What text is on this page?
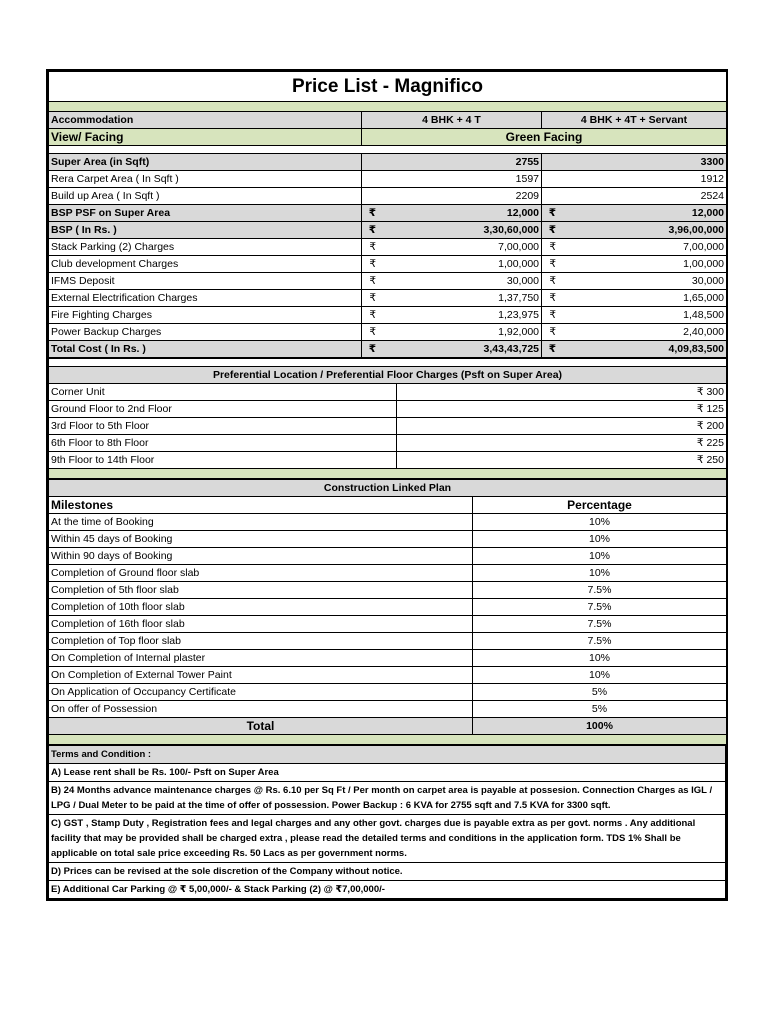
Price List - Magnifico		

Accommodation	4 BHK + 4 T	4 BHK + 4T + Servant
View/ Facing	Green Facing	

Super Area (in Sqft)	2755	3300
Rera Carpet Area ( In Sqft )	1597	1912
Build up Area ( In Sqft )	2209	2524
BSP PSF on Super Area	₹ 12,000	₹ 12,000
BSP ( In Rs. )	₹ 3,30,60,000	₹ 3,96,00,000
Stack Parking (2) Charges	₹ 7,00,000	₹ 7,00,000
Club development Charges	₹ 1,00,000	₹ 1,00,000
IFMS Deposit	₹ 30,000	₹ 30,000
External Electrification Charges	₹ 1,37,750	₹ 1,65,000
Fire Fighting Charges	₹ 1,23,975	₹ 1,48,500
Power Backup Charges	₹ 1,92,000	₹ 2,40,000
Total Cost ( In Rs. )	₹ 3,43,43,725	₹ 4,09,83,500

Preferential Location / Preferential Floor Charges (Psft on Super Area)	
Corner Unit	₹ 300
Ground Floor to 2nd Floor	₹ 125
3rd Floor to 5th Floor	₹ 200
6th Floor to 8th Floor	₹ 225
9th Floor to 14th Floor	₹ 250

Construction Linked Plan	
Milestones	Percentage
At the time of Booking	10%
Within 45 days of Booking	10%
Within 90 days of Booking	10%
Completion of Ground floor slab	10%
Completion of 5th floor slab	7.5%
Completion of 10th floor slab	7.5%
Completion of 16th floor slab	7.5%
Completion of Top floor slab	7.5%
On Completion of Internal plaster	10%
On Completion of External Tower Paint	10%
On Application of Occupancy Certificate	5%
On offer of Possession	5%
Total	100%

Terms and Condition :
A) Lease rent shall be Rs. 100/- Psft on Super Area
B) 24 Months advance maintenance charges @ Rs. 6.10 per Sq Ft / Per month on carpet area is payable at possesion. Connection Charges as IGL / LPG / Dual Meter to be paid at the time of offer of possession. Power Backup : 6 KVA for 2755 sqft and 7.5 KVA for 3300 sqft.
C) GST , Stamp Duty , Registration fees and legal charges and any other govt. charges due is payable extra as per govt. norms . Any additional facility that may be provided shall be charged extra , please read the detailed terms and conditions in the application form. TDS 1% Shall be applicable on total sale price exceeding Rs. 50 Lacs as per government norms.
D) Prices can be revised at the sole discretion of the Company without notice.
E) Additional Car Parking @ ₹ 5,00,000/- & Stack Parking (2) @ ₹7,00,000/-
